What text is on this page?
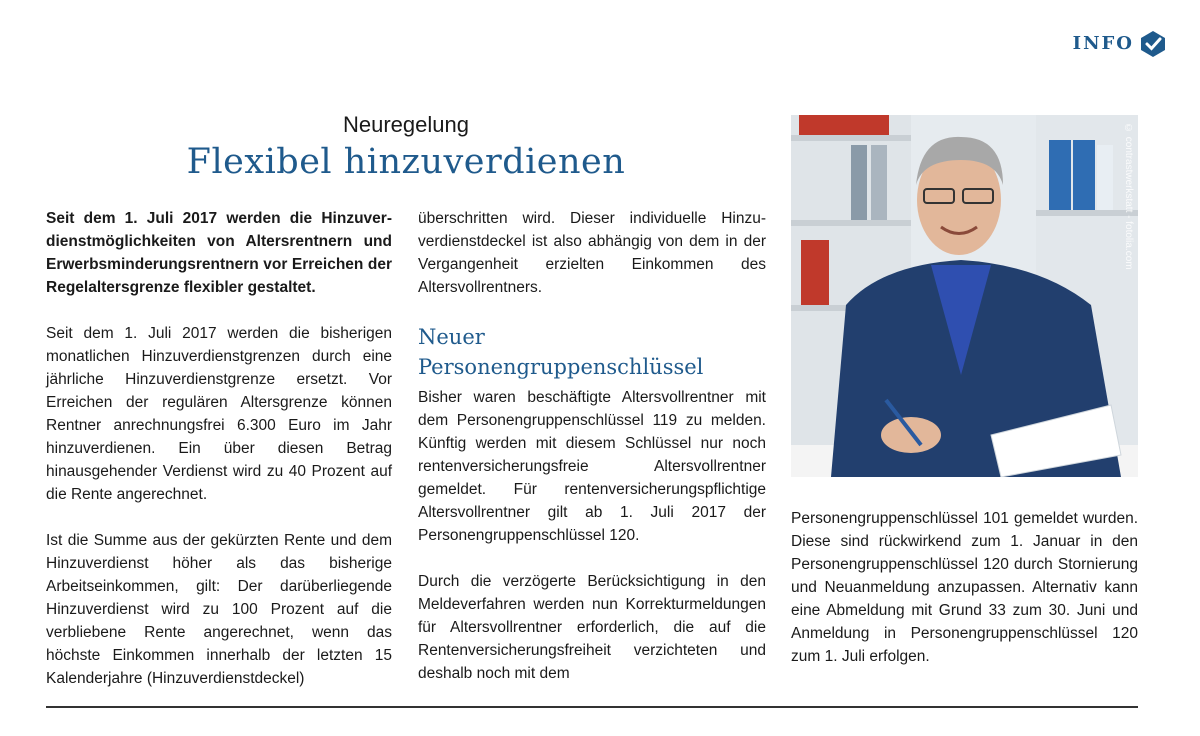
INFO
Neuregelung
Flexibel hinzuverdienen

Seit dem 1. Juli 2017 werden die Hinzuverdienstmöglichkeiten von Altersrentnern und Erwerbsminderungsrentnern vor Erreichen der Regelaltersgrenze flexibler gestaltet.

Seit dem 1. Juli 2017 werden die bisherigen monatlichen Hinzuverdienstgrenzen durch eine jährliche Hinzuverdienstgrenze ersetzt. Vor Erreichen der regulären Altersgrenze können Rentner anrechnungsfrei 6.300 Euro im Jahr hinzuverdienen. Ein über diesen Betrag hinausgehender Verdienst wird zu 40 Prozent auf die Rente angerechnet.

Ist die Summe aus der gekürzten Rente und dem Hinzuverdienst höher als das bisherige Arbeitseinkommen, gilt: Der darüberliegende Hinzuverdienst wird zu 100 Prozent auf die verbliebene Rente angerechnet, wenn das höchste Einkommen innerhalb der letzten 15 Kalenderjahre (Hinzuverdienstdeckel)

überschritten wird. Dieser individuelle Hinzuverdienstdeckel ist also abhängig von dem in der Vergangenheit erzielten Einkommen des Altersvollrentners.

Neuer Personengruppenschlüssel

Bisher waren beschäftigte Altersvollrentner mit dem Personengruppenschlüssel 119 zu melden. Künftig werden mit diesem Schlüssel nur noch rentenversicherungsfreie Altersvollrentner gemeldet. Für rentenversicherungspflichtige Altersvollrentner gilt ab 1. Juli 2017 der Personengruppenschlüssel 120.

Durch die verzögerte Berücksichtigung in den Meldeverfahren werden nun Korrekturmeldungen für Altersvollrentner erforderlich, die auf die Rentenversicherungsfreiheit verzichteten und deshalb noch mit dem

© contrastwerkstatt - fotolia.com

Personengruppenschlüssel 101 gemeldet wurden. Diese sind rückwirkend zum 1. Januar in den Personengruppenschlüssel 120 durch Stornierung und Neuanmeldung anzupassen. Alternativ kann eine Abmeldung mit Grund 33 zum 30. Juni und Anmeldung in Personengruppenschlüssel 120 zum 1. Juli erfolgen.
